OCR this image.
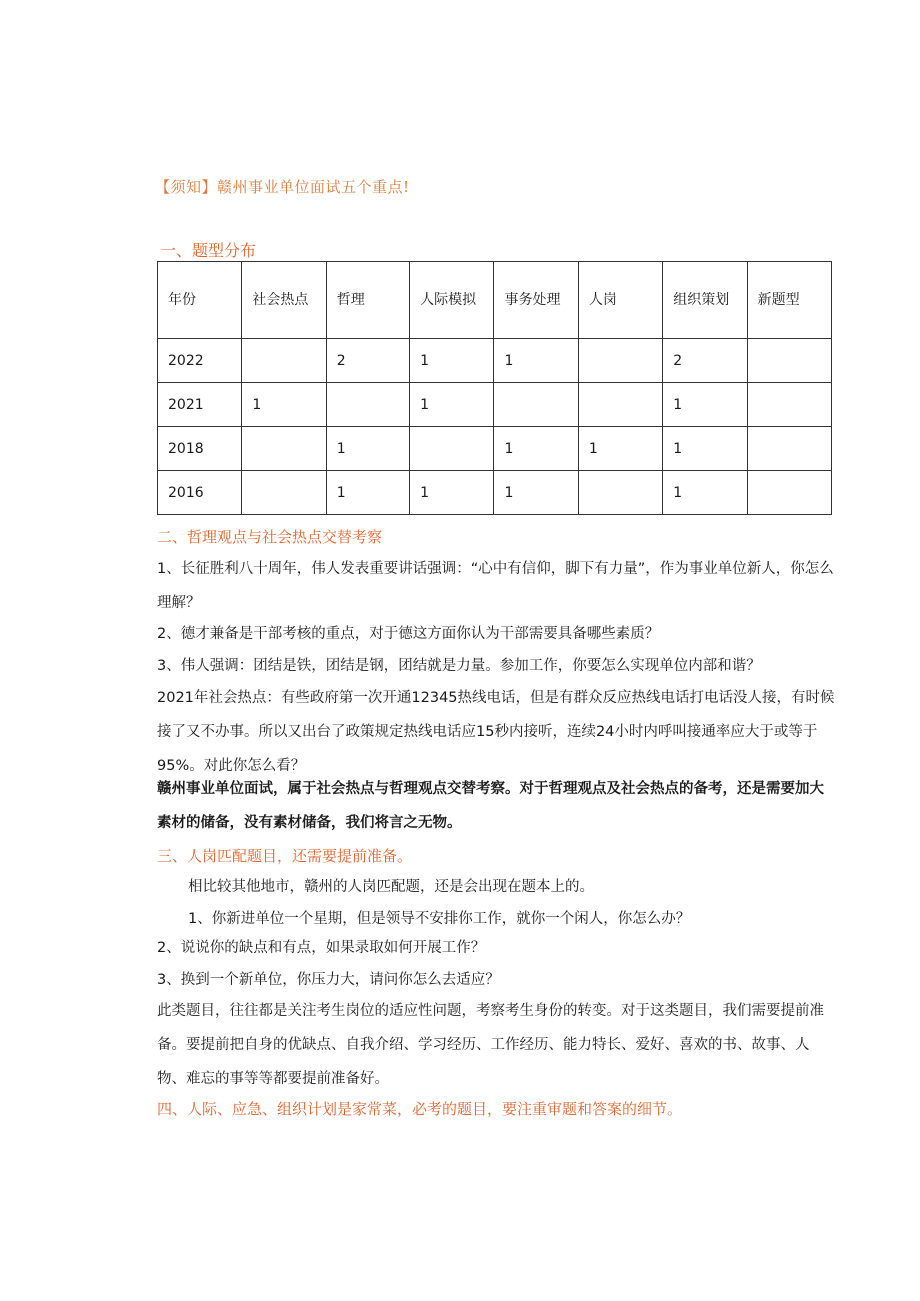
【须知】赣州事业单位面试五个重点!
一、题型分布
年份	社会热点	哲理	人际模拟	事务处理	人岗	组织策划	新题型
2022		2	1	1		2	
2021	1		1			1	
2018		1		1	1	1	
2016		1	1	1		1	
二、哲理观点与社会热点交替考察
1、长征胜利八十周年，伟人发表重要讲话强调：“心中有信仰，脚下有力量”，作为事业单位新人，你怎么理解？
2、德才兼备是干部考核的重点，对于德这方面你认为干部需要具备哪些素质？
3、伟人强调：团结是铁，团结是钢，团结就是力量。参加工作，你要怎么实现单位内部和谐？
2021年社会热点：有些政府第一次开通12345热线电话，但是有群众反应热线电话打电话没人接，有时候接了又不办事。所以又出台了政策规定热线电话应15秒内接听，连续24小时内呼叫接通率应大于或等于95%。对此你怎么看？
赣州事业单位面试，属于社会热点与哲理观点交替考察。对于哲理观点及社会热点的备考，还是需要加大素材的储备，没有素材储备，我们将言之无物。
三、人岗匹配题目，还需要提前准备。
相比较其他地市，赣州的人岗匹配题，还是会出现在题本上的。
1、你新进单位一个星期，但是领导不安排你工作，就你一个闲人，你怎么办？
2、说说你的缺点和有点，如果录取如何开展工作？
3、换到一个新单位，你压力大，请问你怎么去适应？
此类题目，往往都是关注考生岗位的适应性问题，考察考生身份的转变。对于这类题目，我们需要提前准备。要提前把自身的优缺点、自我介绍、学习经历、工作经历、能力特长、爱好、喜欢的书、故事、人物、难忘的事等等都要提前准备好。
四、人际、应急、组织计划是家常菜，必考的题目，要注重审题和答案的细节。
